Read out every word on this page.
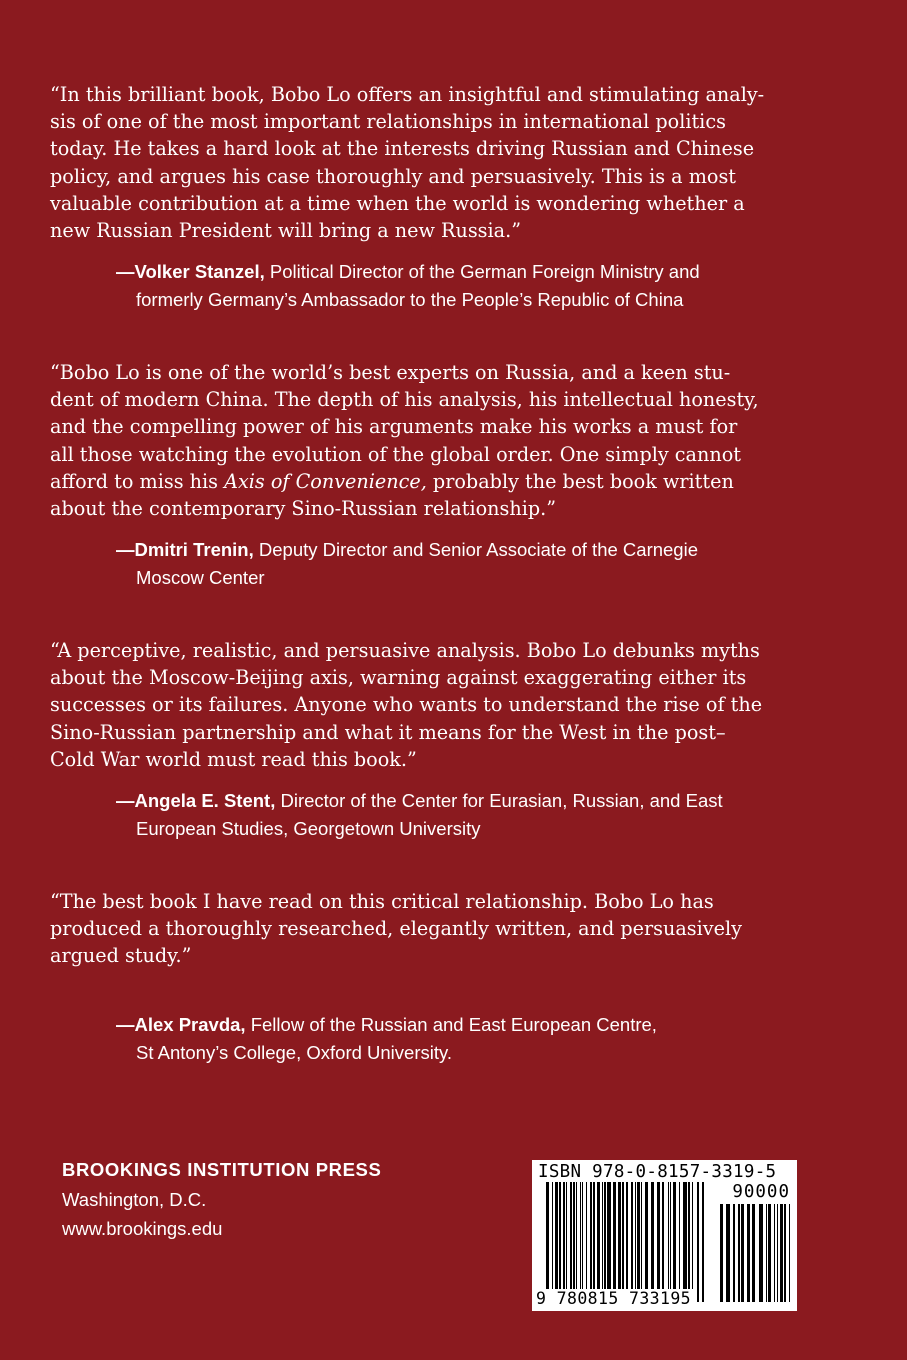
“In this brilliant book, Bobo Lo offers an insightful and stimulating analy-
sis of one of the most important relationships in international politics
today. He takes a hard look at the interests driving Russian and Chinese
policy, and argues his case thoroughly and persuasively. This is a most
valuable contribution at a time when the world is wondering whether a
new Russian President will bring a new Russia.”

—Volker Stanzel, Political Director of the German Foreign Ministry and
formerly Germany’s Ambassador to the People’s Republic of China

“Bobo Lo is one of the world’s best experts on Russia, and a keen stu-
dent of modern China. The depth of his analysis, his intellectual honesty,
and the compelling power of his arguments make his works a must for
all those watching the evolution of the global order. One simply cannot
afford to miss his Axis of Convenience, probably the best book written
about the contemporary Sino-Russian relationship.”

—Dmitri Trenin, Deputy Director and Senior Associate of the Carnegie
Moscow Center

“A perceptive, realistic, and persuasive analysis. Bobo Lo debunks myths
about the Moscow-Beijing axis, warning against exaggerating either its
successes or its failures. Anyone who wants to understand the rise of the
Sino-Russian partnership and what it means for the West in the post–
Cold War world must read this book.”

—Angela E. Stent, Director of the Center for Eurasian, Russian, and East
European Studies, Georgetown University

“The best book I have read on this critical relationship. Bobo Lo has
produced a thoroughly researched, elegantly written, and persuasively
argued study.”

—Alex Pravda, Fellow of the Russian and East European Centre,
St Antony’s College, Oxford University.

BROOKINGS INSTITUTION PRESS
Washington, D.C.
www.brookings.edu
ISBN 978-0-8157-3319-5
90000
9 780815 733195
